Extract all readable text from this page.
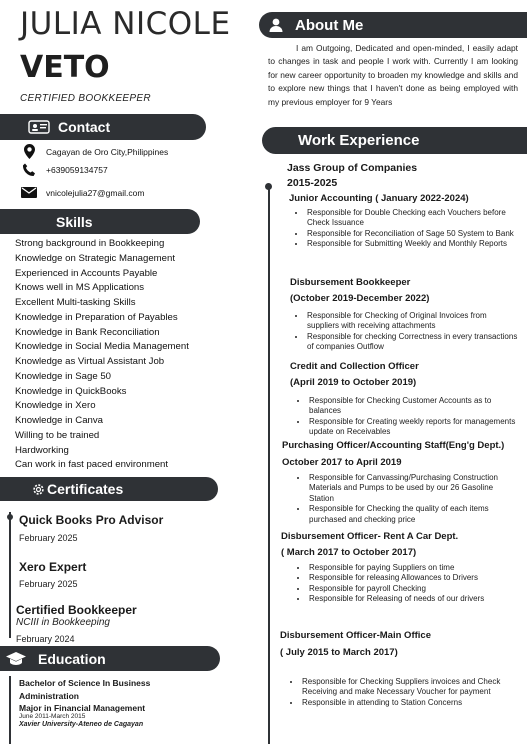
JULIA NICOLE
VETO
CERTIFIED BOOKKEEPER
Contact
Cagayan de Oro City,Philippines
+639059134757
vnicolejulia27@gmail.com
Skills
Strong background in Bookkeeping
Knowledge on Strategic Management
Experienced in Accounts Payable
Knows well in MS Applications
Excellent Multi-tasking Skills
Knowledge in Preparation of Payables
Knowledge in Bank Reconciliation
Knowledge in Social Media Management
Knowledge as Virtual Assistant Job
Knowledge in Sage 50
Knowledge in QuickBooks
Knowledge in Xero
Knowledge in Canva
Willing to be trained
Hardworking
Can work in fast paced environment
Certificates
Quick Books Pro Advisor
February 2025
Xero Expert
February 2025
Certified Bookkeeper
NCIII in Bookkeeping
February 2024
Education
Bachelor of Science In Business
Administration
Major in Financial Management
June 2011-March 2015
Xavier University-Ateneo de Cagayan
About Me
I am Outgoing, Dedicated and open-minded, I easily adapt to changes in task and people I work with. Currently I am looking for new career opportunity to broaden my knowledge and skills and to explore new things that I haven't done as being employed with my previous employer for 9 Years
Work Experience
Jass Group of Companies
2015-2025
Junior Accounting ( January 2022-2024)
• Responsible for Double Checking each Vouchers before Check Issuance
• Responsible for Reconciliation of Sage 50 System to Bank
• Responsible for Submitting Weekly and Monthly Reports
Disbursement Bookkeeper
(October 2019-December 2022)
• Responsible for Checking of Original Invoices from suppliers with receiving attachments
• Responsible for checking Correctness in every transactions of companies Outflow
Credit and Collection Officer
(April 2019 to October 2019)
• Responsible for Checking Customer Accounts as to balances
• Responsible for Creating weekly reports for managements update on Receivables
Purchasing Officer/Accounting Staff(Eng'g Dept.)
October 2017 to April 2019
• Responsible for Canvassing/Purchasing Construction Materials and Pumps to be used by our 26 Gasoline Station
• Responsible for Checking the quality of each items purchased and checking price
Disbursement Officer- Rent A Car Dept.
( March 2017 to October 2017)
• Responsible for paying Suppliers on time
• Responsible for releasing Allowances to Drivers
• Responsible for payroll Checking
• Responsible for Releasing of needs of our drivers
Disbursement Officer-Main Office
( July 2015 to March 2017)
• Responsible for Checking Suppliers invoices and Check Receiving and make Necessary Voucher for payment
• Responsible in attending to Station Concerns
